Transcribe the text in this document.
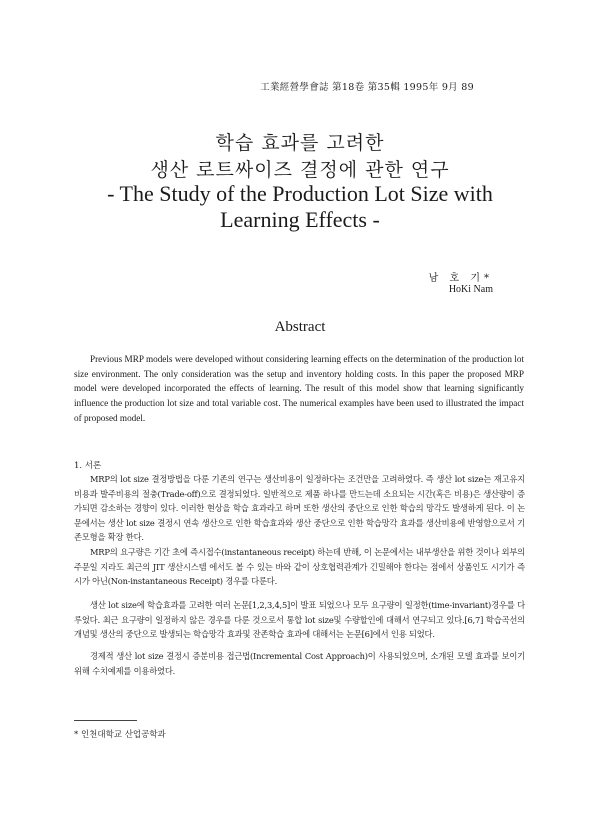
工業經營學會誌 第18卷 第35輯 1995年 9月 89
학습 효과를 고려한
생산 로트싸이즈 결정에 관한 연구
- The Study of the Production Lot Size with
Learning Effects -
남 호 기*
HoKi Nam
Abstract
Previous MRP models were developed without considering learning effects on the determination of the production lot size environment. The only consideration was the setup and inventory holding costs. In this paper the proposed MRP model were developed incorporated the effects of learning. The result of this model show that learning significantly influence the production lot size and total variable cost. The numerical examples have been used to illustrated the impact of proposed model.
1. 서론
MRP의 lot size 결정방법을 다룬 기존의 연구는 생산비용이 일정하다는 조건만을 고려하였다. 즉 생산 lot size는 재고유지 비용과 발주비용의 절충(Trade-off)으로 결정되었다. 일반적으로 제품 하나를 만드는데 소요되는 시간(혹은 비용)은 생산량이 증가되면 감소하는 경향이 있다. 이러한 현상을 학습 효과라고 하며 또한 생산의 중단으로 인한 학습의 망각도 발생하게 된다. 이 논문에서는 생산 lot size 결정시 연속 생산으로 인한 학습효과와 생산 중단으로 인한 학습망각 효과를 생산비용에 반영함으로서 기존모형을 확장 한다.
MRP의 요구량은 기간 초에 즉시접수(instantaneous receipt) 하는데 반해, 이 논문에서는 내부생산을 위한 것이나 외부의 주문일 지라도 최근의 JIT 생산시스템 에서도 볼 수 있는 바와 같이 상호협력관계가 긴밀해야 한다는 점에서 상품인도 시기가 즉시가 아닌(Non-instantaneous Receipt) 경우를 다룬다.
생산 lot size에 학습효과를 고려한 여러 논문[1,2,3,4,5]이 발표 되었으나 모두 요구량이 일정한(time-invariant)경우를 다루었다. 최근 요구량이 일정하지 않은 경우를 다룬 것으로서 통합 lot size및 수량할인에 대해서 연구되고 있다.[6,7] 학습곡선의 개념및 생산의 중단으로 발생되는 학습망각 효과및 잔존학습 효과에 대해서는 논문[6]에서 인용 되었다.
경제적 생산 lot size 결정시 증분비용 접근법(Incremental Cost Approach)이 사용되었으며, 소개된 모델 효과를 보이기 위해 수치예제를 이용하였다.
* 인천대학교 산업공학과
